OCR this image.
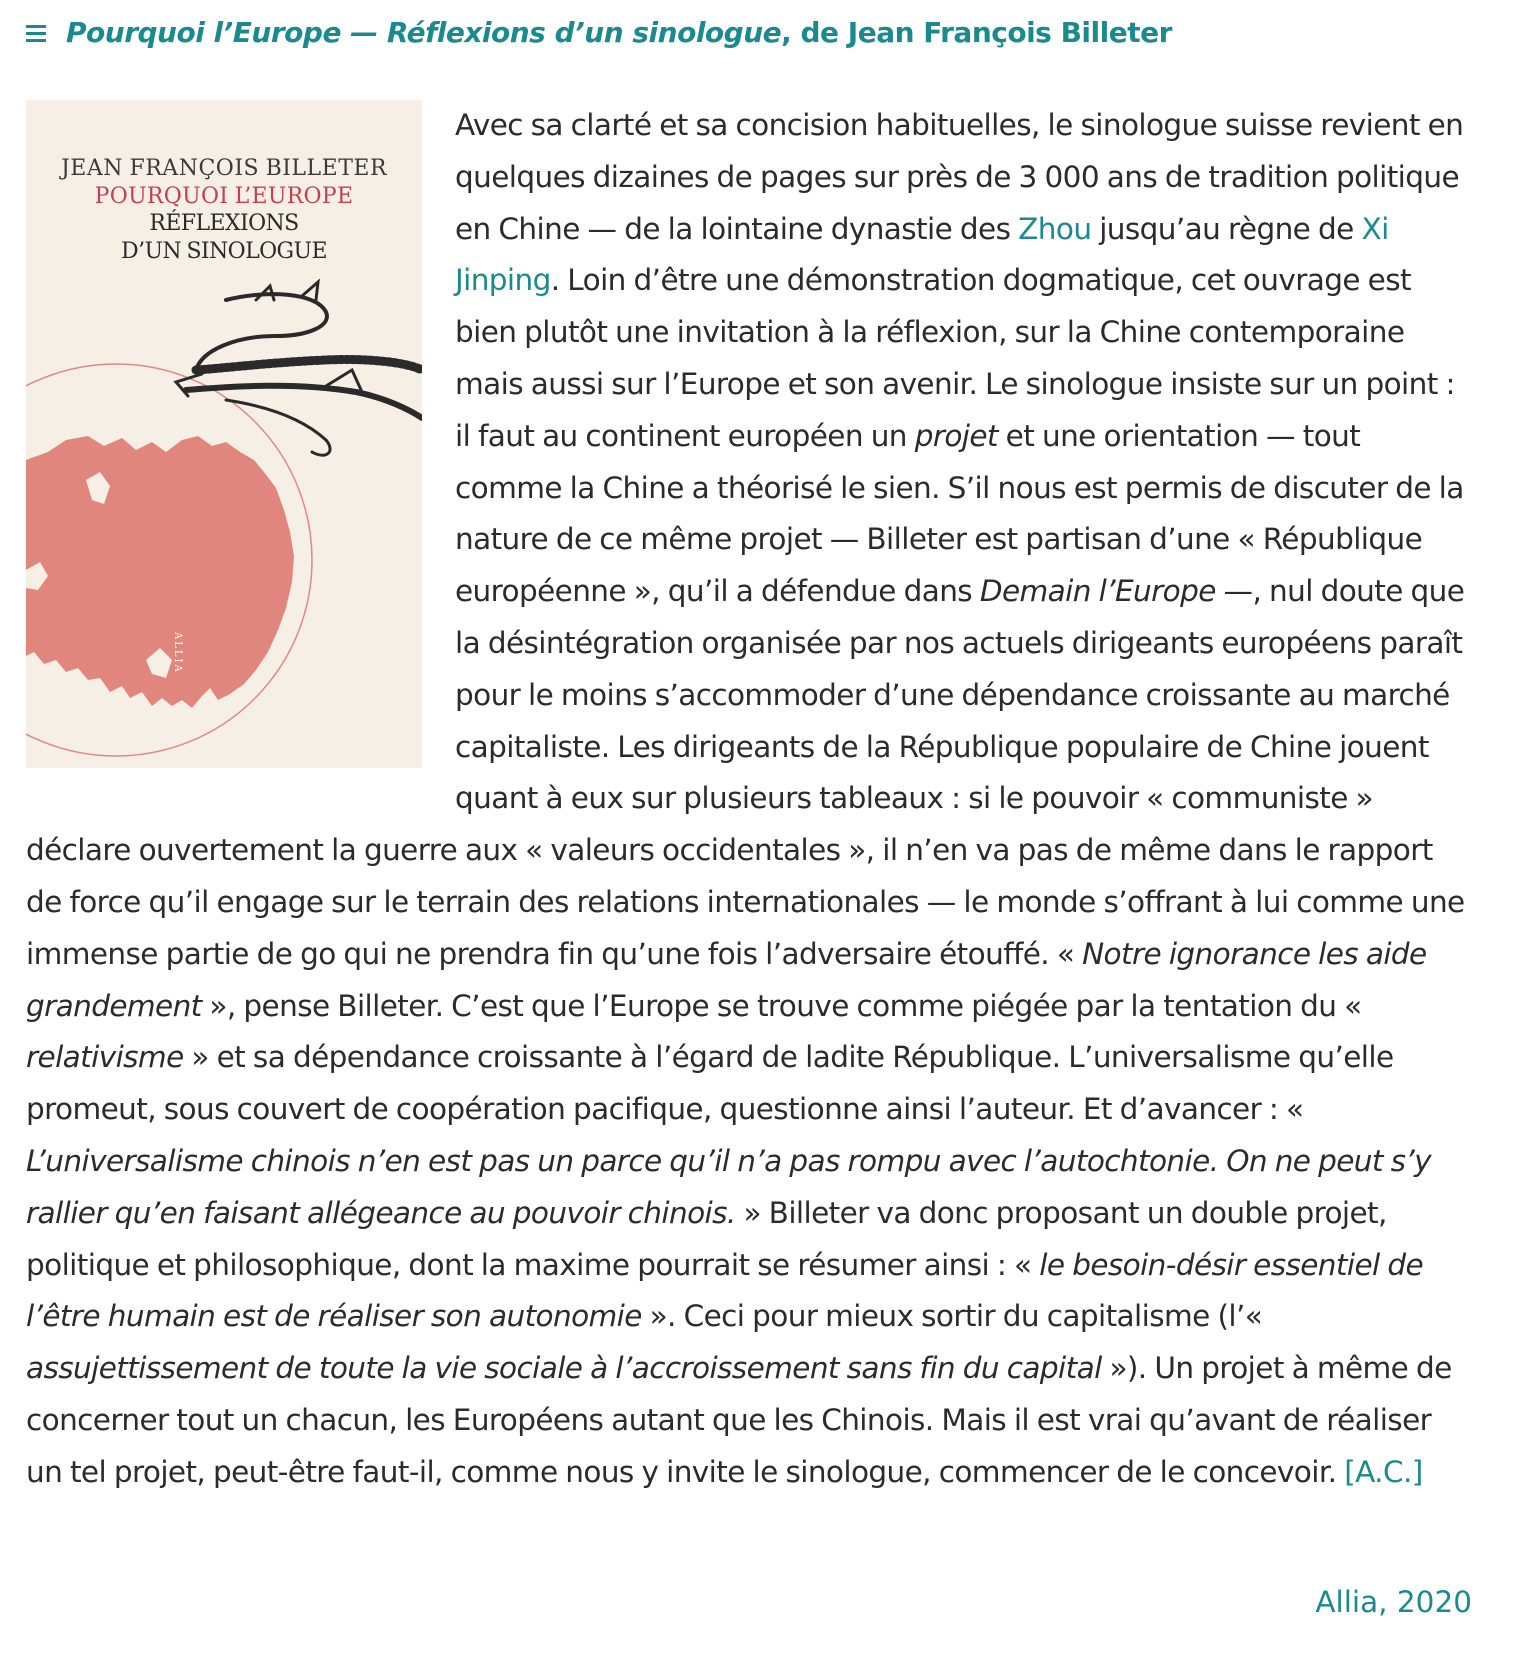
Pourquoi l’Europe — Réflexions d’un sinologue , de Jean François Billeter
JEAN FRANÇOIS BILLETER
POURQUOI L’EUROPE
RÉFLEXIONS
D’UN SINOLOGUE
ALLIA

Avec sa clarté et sa concision habituelles, le sinologue suisse revient en quelques dizaines de pages sur près de 3 000 ans de tradition politique en Chine — de la lointaine dynastie des Zhou jusqu’au règne de Xi Jinping. Loin d’être une démonstration dogmatique, cet ouvrage est bien plutôt une invitation à la réflexion, sur la Chine contemporaine mais aussi sur l’Europe et son avenir. Le sinologue insiste sur un point : il faut au continent européen un projet et une orientation — tout comme la Chine a théorisé le sien. S’il nous est permis de discuter de la nature de ce même projet — Billeter est partisan d’une « République européenne », qu’il a défendue dans Demain l’Europe —, nul doute que la désintégration organisée par nos actuels dirigeants européens paraît pour le moins s’accommoder d’une dépendance croissante au marché capitaliste. Les dirigeants de la République populaire de Chine jouent quant à eux sur plusieurs tableaux : si le pouvoir « communiste » déclare ouvertement la guerre aux « valeurs occidentales », il n’en va pas de même dans le rapport de force qu’il engage sur le terrain des relations internationales — le monde s’offrant à lui comme une immense partie de go qui ne prendra fin qu’une fois l’adversaire étouffé. « Notre ignorance les aide grandement », pense Billeter. C’est que l’Europe se trouve comme piégée par la tentation du « relativisme » et sa dépendance croissante à l’égard de ladite République. L’universalisme qu’elle promeut, sous couvert de coopération pacifique, questionne ainsi l’auteur. Et d’avancer : « L’universalisme chinois n’en est pas un parce qu’il n’a pas rompu avec l’autochtonie. On ne peut s’y rallier qu’en faisant allégeance au pouvoir chinois. » Billeter va donc proposant un double projet, politique et philosophique, dont la maxime pourrait se résumer ainsi : « le besoin-désir essentiel de l’être humain est de réaliser son autonomie ». Ceci pour mieux sortir du capitalisme (l’« assujettissement de toute la vie sociale à l’accroissement sans fin du capital »). Un projet à même de concerner tout un chacun, les Européens autant que les Chinois. Mais il est vrai qu’avant de réaliser un tel projet, peut-être faut-il, comme nous y invite le sinologue, commencer de le concevoir. [A.C.]

Allia, 2020
